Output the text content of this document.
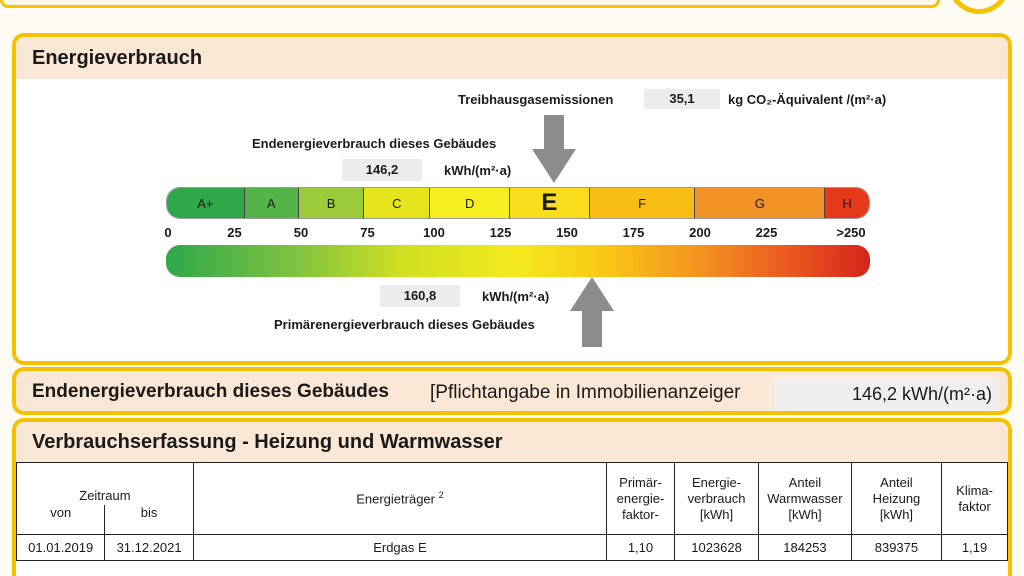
Energieverbrauch
Treibhausgasemissionen	35,1	kg CO₂-Äquivalent /(m²·a)
Endenergieverbrauch dieses Gebäudes
146,2	kWh/(m²·a)
A+	A	B	C	D	E	F	G	H
0	25	50	75	100	125	150	175	200	225	>250
160,8	kWh/(m²·a)
Primärenergieverbrauch dieses Gebäudes
Endenergieverbrauch dieses Gebäudes [Pflichtangabe in Immobilienanzeiger	146,2 kWh/(m²·a)
Verbrauchserfassung - Heizung und Warmwasser
Zeitraum		Energieträger $^2$	Primär-
energie-
faktor-	Energie-
verbrauch
[kWh]	Anteil
Warmwasser
[kWh]	Anteil
Heizung
[kWh]	Klima-
faktor
von	bis						
01.01.2019	31.12.2021	Erdgas E	1,10	1023628	184253	839375	1,19
